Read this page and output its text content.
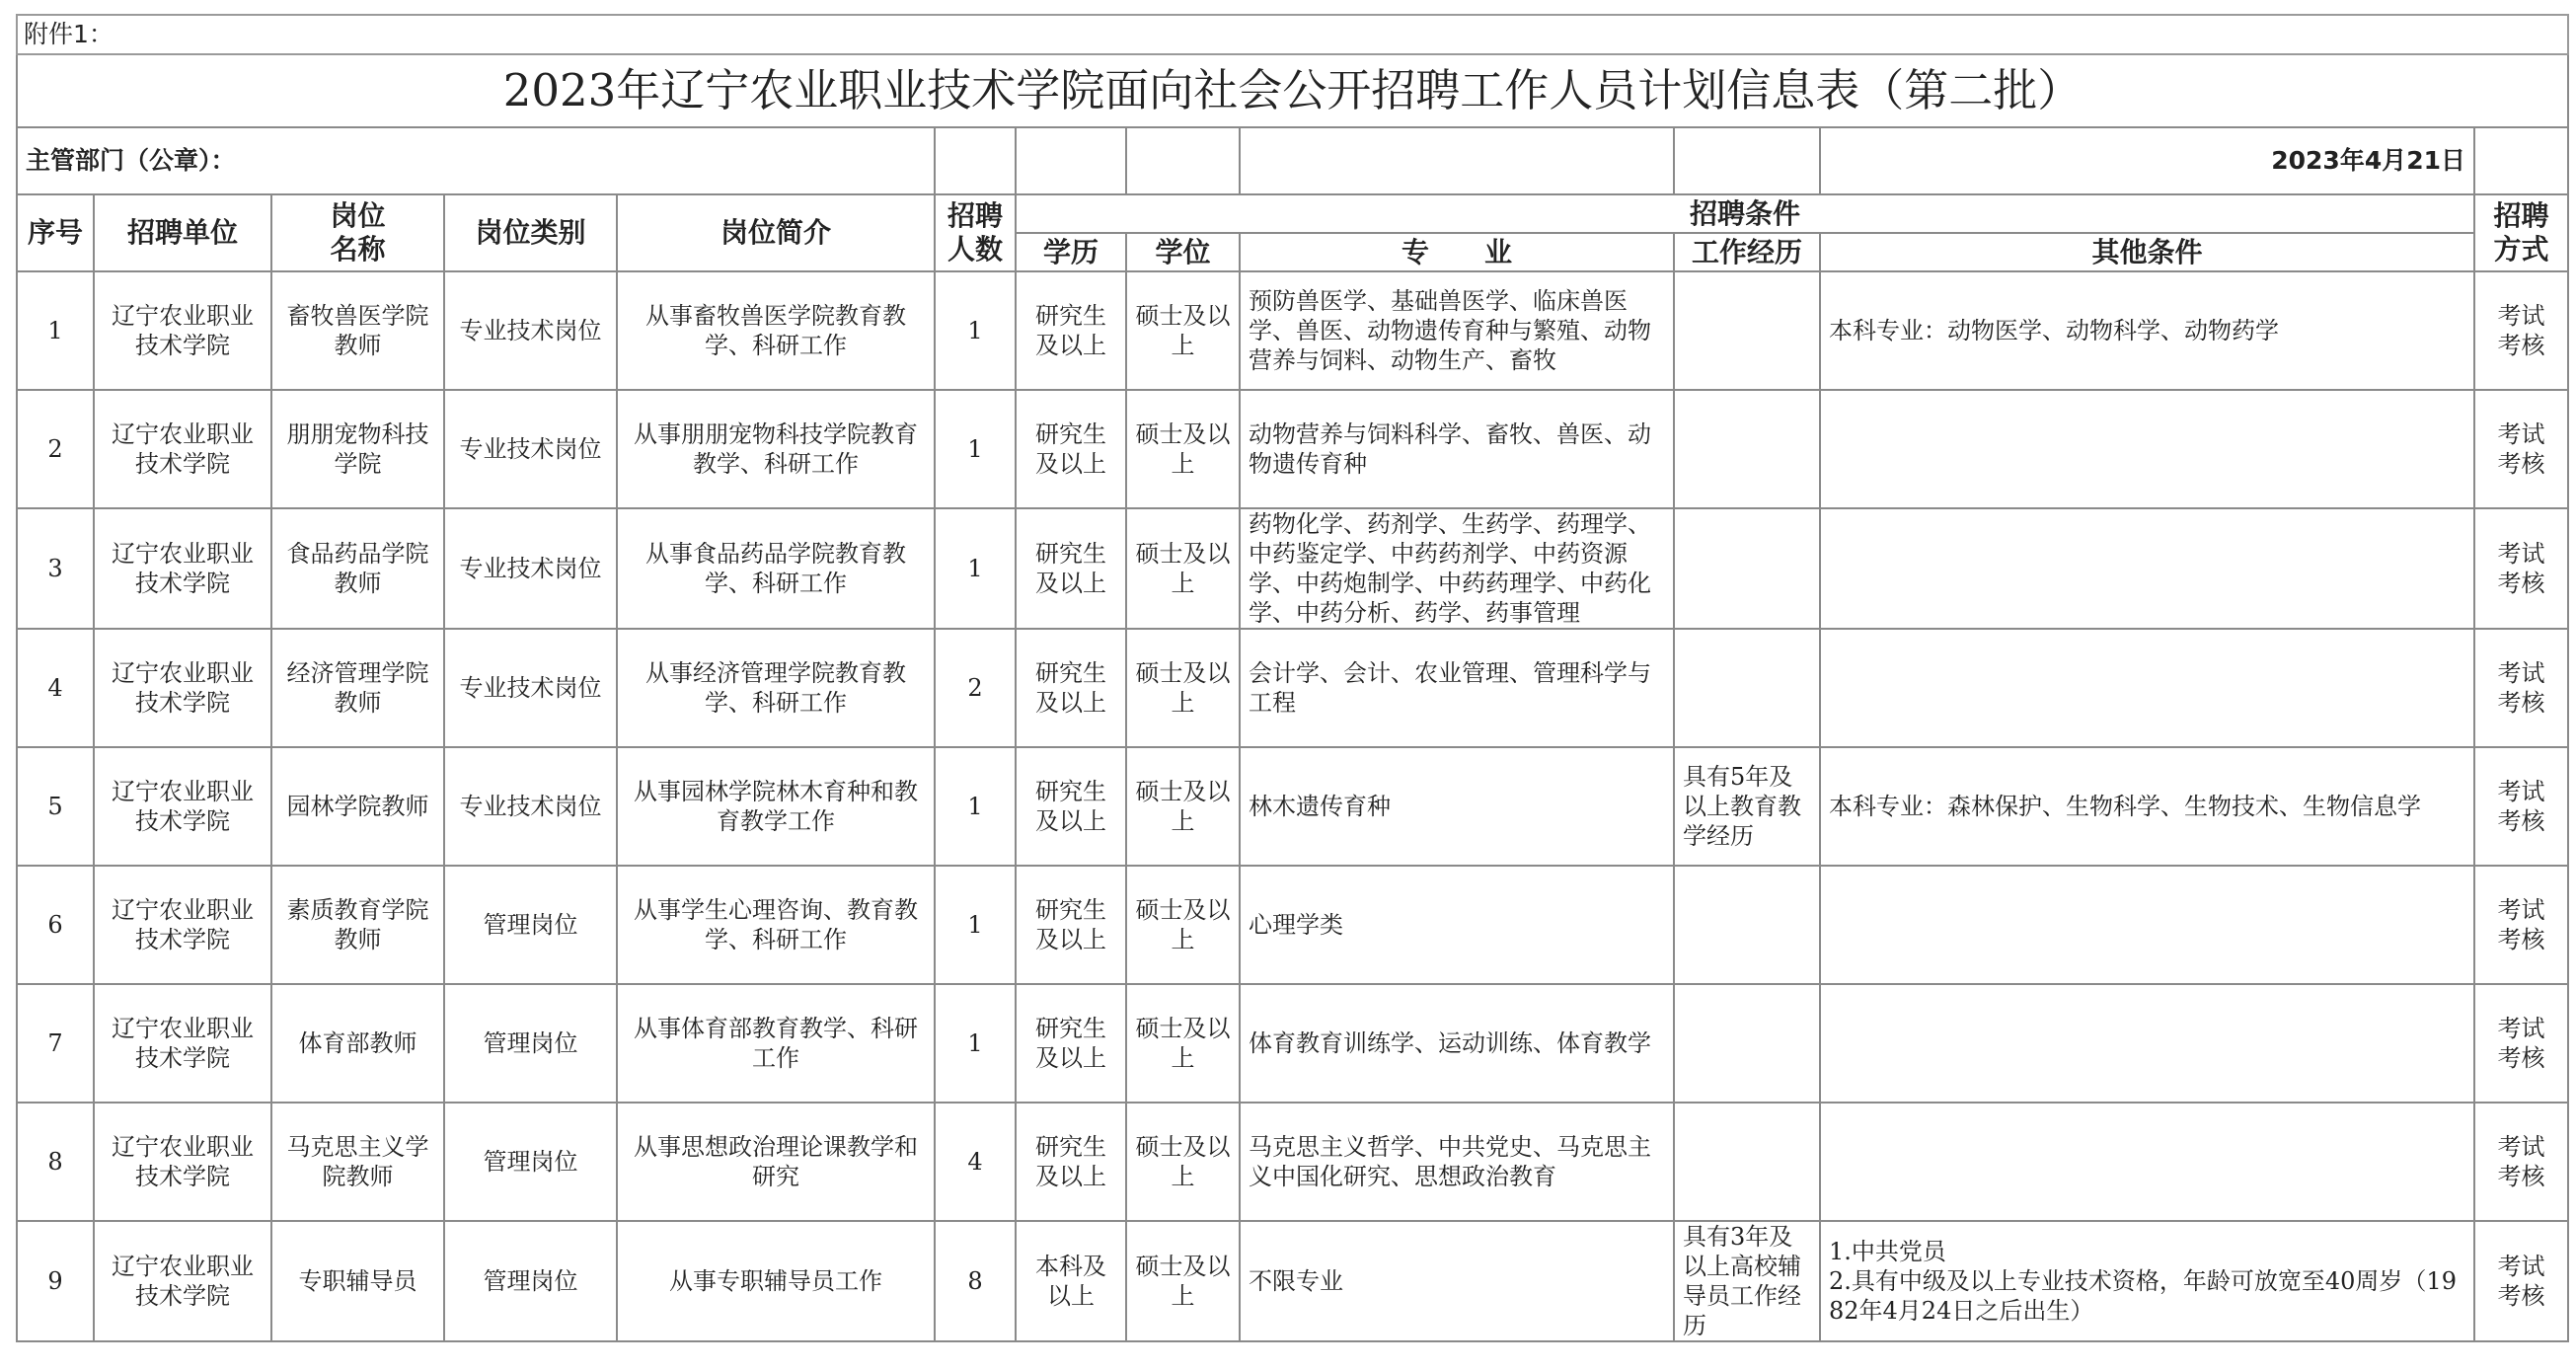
附件1：											
2023年辽宁农业职业技术学院面向社会公开招聘工作人员计划信息表（第二批）											
主管部门（公章）：										2023年4月21日	
序号	招聘单位	岗位
名称	岗位类别	岗位简介	招聘
人数	招聘条件					招聘
方式
						学历	学位	专　　业	工作经历	其他条件	
1	辽宁农业职业技术学院	畜牧兽医学院教师	专业技术岗位	从事畜牧兽医学院教育教学、科研工作	1	研究生及以上	硕士及以上	预防兽医学、基础兽医学、临床兽医学、兽医、动物遗传育种与繁殖、动物营养与饲料、动物生产、畜牧		本科专业：动物医学、动物科学、动物药学	考试考核
2	辽宁农业职业技术学院	朋朋宠物科技学院	专业技术岗位	从事朋朋宠物科技学院教育教学、科研工作	1	研究生及以上	硕士及以上	动物营养与饲料科学、畜牧、兽医、动物遗传育种			考试考核
3	辽宁农业职业技术学院	食品药品学院教师	专业技术岗位	从事食品药品学院教育教学、科研工作	1	研究生及以上	硕士及以上	药物化学、药剂学、生药学、药理学、中药鉴定学、中药药剂学、中药资源学、中药炮制学、中药药理学、中药化学、中药分析、药学、药事管理			考试考核
4	辽宁农业职业技术学院	经济管理学院教师	专业技术岗位	从事经济管理学院教育教学、科研工作	2	研究生及以上	硕士及以上	会计学、会计、农业管理、管理科学与工程			考试考核
5	辽宁农业职业技术学院	园林学院教师	专业技术岗位	从事园林学院林木育种和教育教学工作	1	研究生及以上	硕士及以上	林木遗传育种	具有5年及以上教育教学经历	本科专业：森林保护、生物科学、生物技术、生物信息学	考试考核
6	辽宁农业职业技术学院	素质教育学院教师	管理岗位	从事学生心理咨询、教育教学、科研工作	1	研究生及以上	硕士及以上	心理学类			考试考核
7	辽宁农业职业技术学院	体育部教师	管理岗位	从事体育部教育教学、科研工作	1	研究生及以上	硕士及以上	体育教育训练学、运动训练、体育教学			考试考核
8	辽宁农业职业技术学院	马克思主义学院教师	管理岗位	从事思想政治理论课教学和研究	4	研究生及以上	硕士及以上	马克思主义哲学、中共党史、马克思主义中国化研究、思想政治教育			考试考核
9	辽宁农业职业技术学院	专职辅导员	管理岗位	从事专职辅导员工作	8	本科及以上	硕士及以上	不限专业	具有3年及以上高校辅导员工作经历	1.中共党员
2.具有中级及以上专业技术资格，年龄可放宽至40周岁（1982年4月24日之后出生）	考试考核
